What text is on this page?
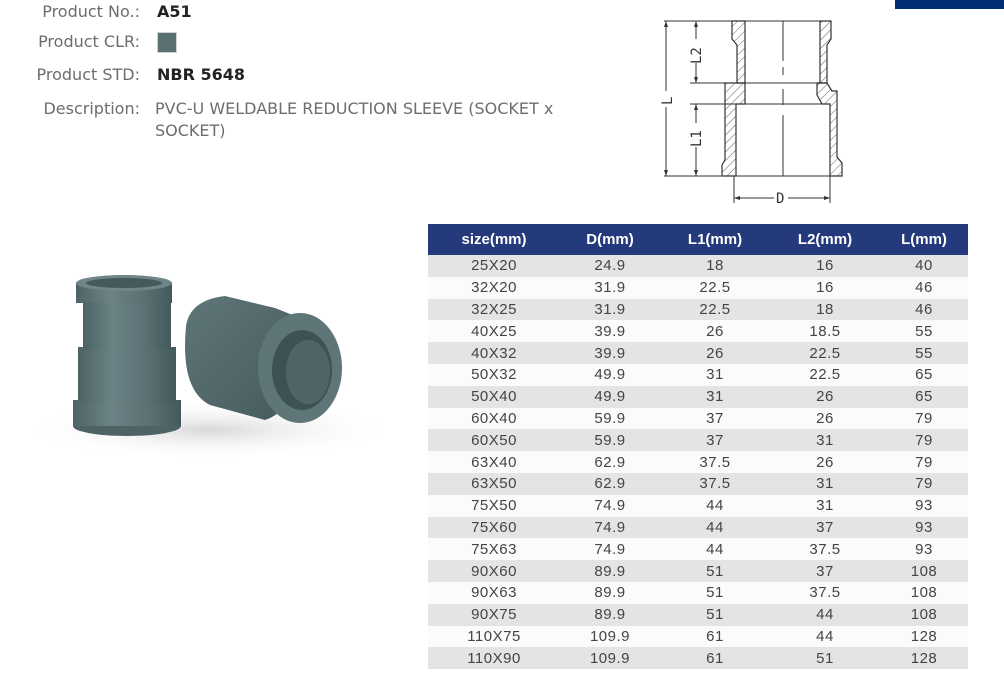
Product No.: A51
Product CLR:
Product STD: NBR 5648
Description: PVC-U WELDABLE REDUCTION SLEEVE (SOCKET x SOCKET)
L
L2
L1
D
size(mm)	D(mm)	L1(mm)	L2(mm)	L(mm)
25X20	24.9	18	16	40
32X20	31.9	22.5	16	46
32X25	31.9	22.5	18	46
40X25	39.9	26	18.5	55
40X32	39.9	26	22.5	55
50X32	49.9	31	22.5	65
50X40	49.9	31	26	65
60X40	59.9	37	26	79
60X50	59.9	37	31	79
63X40	62.9	37.5	26	79
63X50	62.9	37.5	31	79
75X50	74.9	44	31	93
75X60	74.9	44	37	93
75X63	74.9	44	37.5	93
90X60	89.9	51	37	108
90X63	89.9	51	37.5	108
90X75	89.9	51	44	108
110X75	109.9	61	44	128
110X90	109.9	61	51	128
